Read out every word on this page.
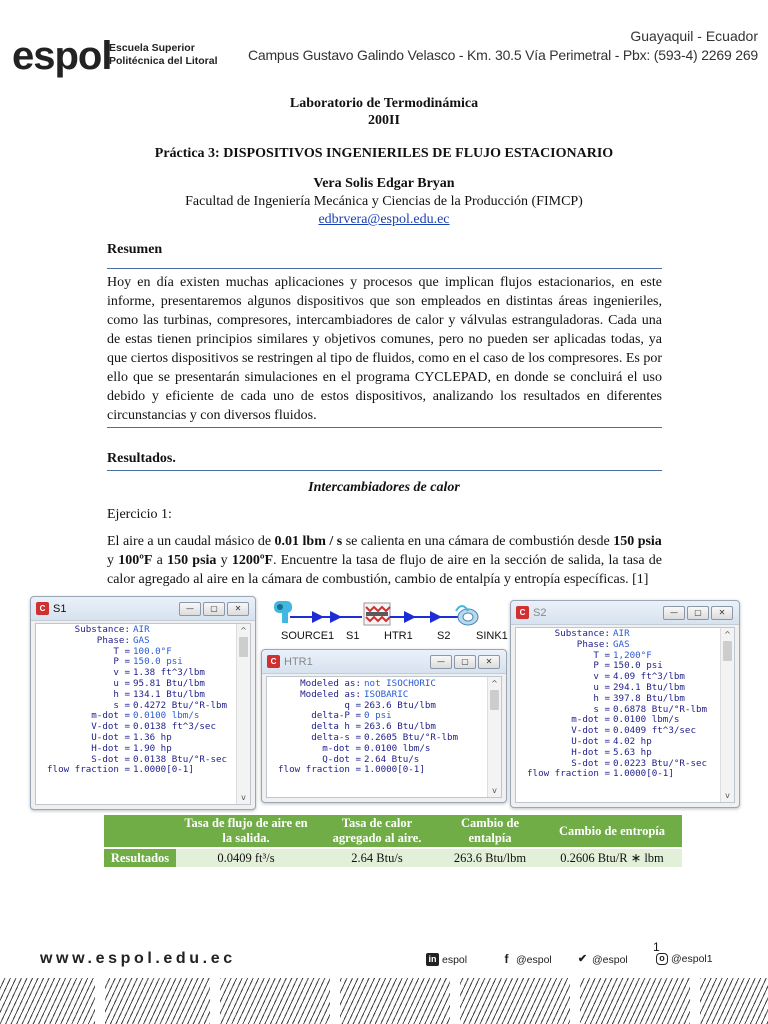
espol
Escuela Superior
Politécnica del Litoral
Guayaquil - Ecuador
Campus Gustavo Galindo Velasco - Km. 30.5 Vía Perimetral - Pbx: (593-4) 2269 269
Laboratorio de Termodinámica
200II
Práctica 3: DISPOSITIVOS INGENIERILES DE FLUJO ESTACIONARIO
Vera Solis Edgar Bryan
Facultad de Ingeniería Mecánica y Ciencias de la Producción (FIMCP)
edbrvera@espol.edu.ec
Resumen
Hoy en día existen muchas aplicaciones y procesos que implican flujos estacionarios, en este informe, presentaremos algunos dispositivos que son empleados en distintas áreas ingenieriles, como las turbinas, compresores, intercambiadores de calor y válvulas estranguladoras. Cada una de estas tienen principios similares y objetivos comunes, pero no pueden ser aplicadas todas, ya que ciertos dispositivos se restringen al tipo de fluidos, como en el caso de los compresores. Es por ello que se presentarán simulaciones en el programa CYCLEPAD, en donde se concluirá el uso debido y eficiente de cada uno de estos dispositivos, analizando los resultados en diferentes circunstancias y con diversos fluidos.
Resultados.
Intercambiadores de calor
Ejercicio 1:
El aire a un caudal másico de 0.01 lbm / s se calienta en una cámara de combustión desde 150 psia
y 100ºF a 150 psia y 1200ºF. Encuentre la tasa de flujo de aire en la sección de salida, la tasa de calor agregado al aire en la cámara de combustión, cambio de entalpía y entropía específicas. [1]
C S1	—	▢	✕
Substance: AIR
Phase: GAS
T = 100.0°F
P = 150.0 psi
v = 1.38 ft^3/lbm
u = 95.81 Btu/lbm
h = 134.1 Btu/lbm
s = 0.4272 Btu/°R-lbm
m-dot = 0.0100 lbm/s
V-dot = 0.0138 ft^3/sec
U-dot = 1.36 hp
H-dot = 1.90 hp
S-dot = 0.0138 Btu/°R-sec
flow fraction = 1.0000[0-1]
^
v
SOURCE1 S1 HTR1 S2 SINK1
C HTR1	—	▢	✕
Modeled as: not ISOCHORIC
Modeled as: ISOBARIC
q = 263.6 Btu/lbm
delta-P = 0 psi
delta h = 263.6 Btu/lbm
delta-s = 0.2605 Btu/°R-lbm
m-dot = 0.0100 lbm/s
Q-dot = 2.64 Btu/s
flow fraction = 1.0000[0-1]
^
v
C S2	—	▢	✕
Substance: AIR
Phase: GAS
T = 1,200°F
P = 150.0 psi
v = 4.09 ft^3/lbm
u = 294.1 Btu/lbm
h = 397.8 Btu/lbm
s = 0.6878 Btu/°R-lbm
m-dot = 0.0100 lbm/s
V-dot = 0.0409 ft^3/sec
U-dot = 4.02 hp
H-dot = 5.63 hp
S-dot = 0.0223 Btu/°R-sec
flow fraction = 1.0000[0-1]
^
v
	Tasa de flujo de aire en la salida.	Tasa de calor agregado al aire.	Cambio de entalpía	Cambio de entropía
Resultados	0.0409 ft³/s	2.64 Btu/s	263.6 Btu/lbm	0.2606 Btu/R ∗ lbm
www.espol.edu.ec
1
in espol	f @espol ✔ @espol	o @espol1
